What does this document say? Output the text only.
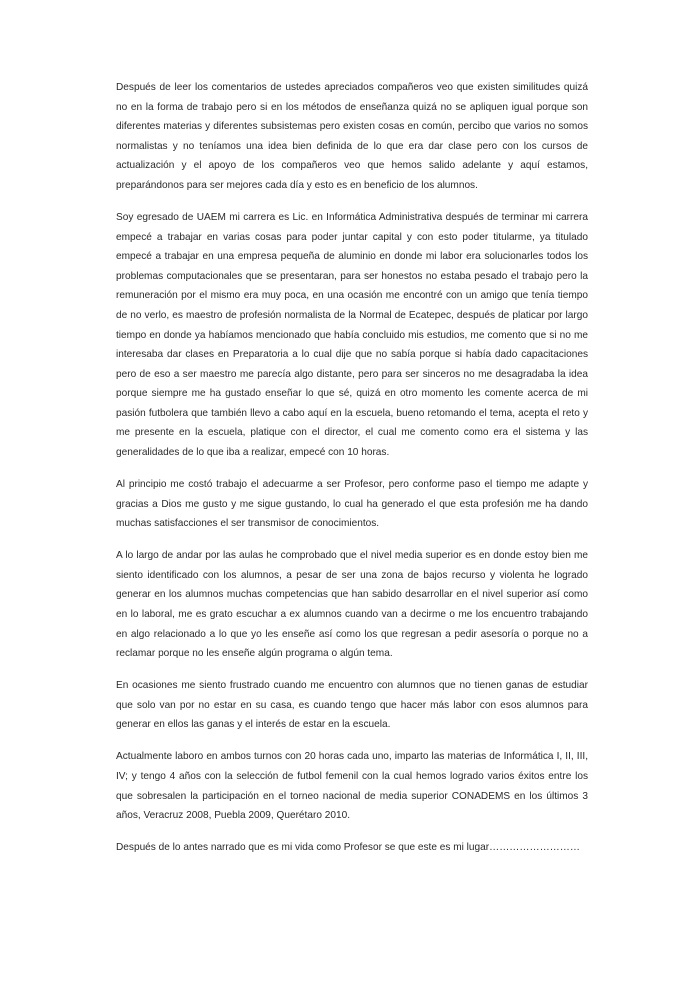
Después de leer los comentarios de ustedes apreciados compañeros veo que existen similitudes quizá no en la forma de trabajo pero si en los métodos de enseñanza quizá no se apliquen igual porque son diferentes materias y diferentes subsistemas pero existen cosas en común, percibo que varios no somos normalistas y no teníamos una idea bien definida de lo que era dar clase pero con los cursos de actualización y el apoyo de los compañeros veo que hemos salido adelante y aquí estamos, preparándonos para ser mejores cada día y esto es en beneficio de los alumnos.

Soy egresado de UAEM mi carrera es Lic. en Informática Administrativa después de terminar mi carrera empecé a trabajar en varias cosas para poder juntar capital y con esto poder titularme, ya titulado empecé a trabajar en una empresa pequeña de aluminio en donde mi labor era solucionarles todos los problemas computacionales que se presentaran, para ser honestos no estaba pesado el trabajo pero la remuneración por el mismo era muy poca, en una ocasión me encontré con un amigo que tenía tiempo de no verlo, es maestro de profesión normalista de la Normal de Ecatepec, después de platicar por largo tiempo en donde ya habíamos mencionado que había concluido mis estudios, me comento que si no me interesaba dar clases en Preparatoria a lo cual dije que no sabía porque si había dado capacitaciones pero de eso a ser maestro me parecía algo distante, pero para ser sinceros no me desagradaba la idea porque siempre me ha gustado enseñar lo que sé, quizá en otro momento les comente acerca de mi pasión futbolera que también llevo a cabo aquí en la escuela, bueno retomando el tema, acepta el reto y me presente en la escuela, platique con el director, el cual me comento como era el sistema y las generalidades de lo que iba a realizar, empecé con 10 horas.

Al principio me costó trabajo el adecuarme a ser Profesor, pero conforme paso el tiempo me adapte y gracias a Dios me gusto y me sigue gustando, lo cual ha generado el que esta profesión me ha dando muchas satisfacciones el ser transmisor de conocimientos.

A lo largo de andar por las aulas he comprobado que el nivel media superior es en donde estoy bien me siento identificado con los alumnos, a pesar de ser una zona de bajos recurso y violenta he logrado generar en los alumnos muchas competencias que han sabido desarrollar en el nivel superior así como en lo laboral, me es grato escuchar a ex alumnos cuando van a decirme o me los encuentro trabajando en algo relacionado a lo que yo les enseñe así como los que regresan a pedir asesoría o porque no a reclamar porque no les enseñe algún programa o algún tema.

En ocasiones me siento frustrado cuando me encuentro con alumnos que no tienen ganas de estudiar que solo van por no estar en su casa, es cuando tengo que hacer más labor con esos alumnos para generar en ellos las ganas y el interés de estar en la escuela.

Actualmente laboro en ambos turnos con 20 horas cada uno, imparto las materias de Informática I, II, III, IV; y tengo 4 años con la selección de futbol femenil con la cual hemos logrado varios éxitos entre los que sobresalen la participación en el torneo nacional de media superior CONADEMS en los últimos 3 años, Veracruz 2008, Puebla 2009, Querétaro 2010.

Después de lo antes narrado que es mi vida como Profesor se que este es mi lugar………………………
